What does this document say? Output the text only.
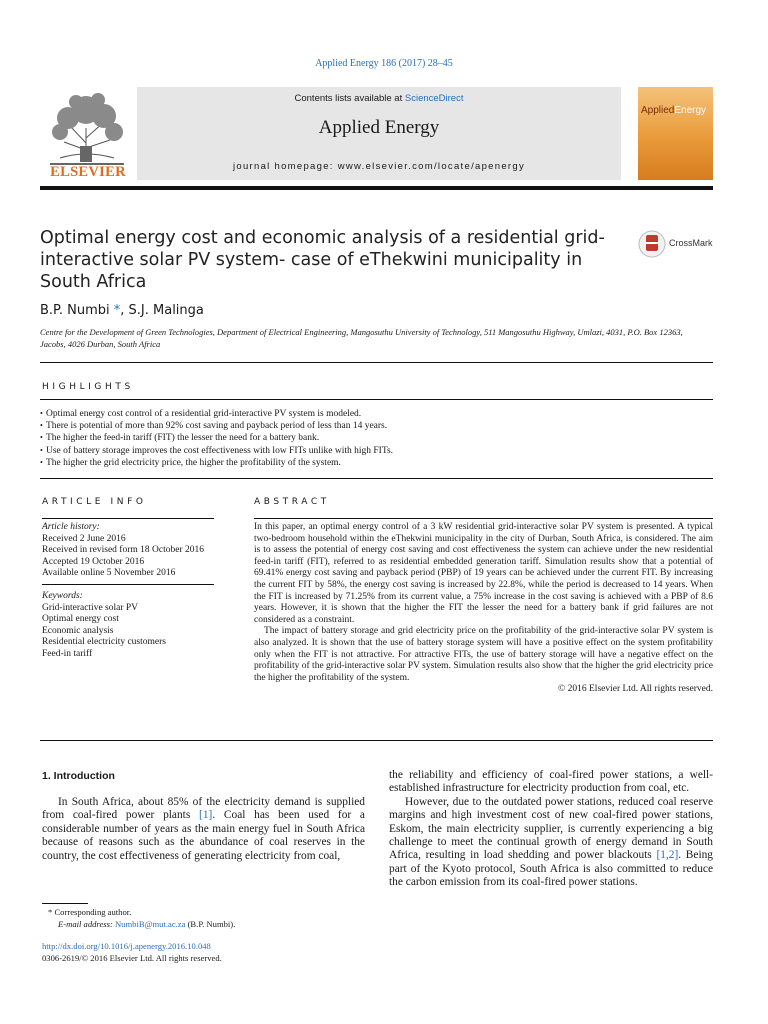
Applied Energy 186 (2017) 28–45
ELSEVIER
Contents lists available at ScienceDirect
Applied Energy
journal homepage: www.elsevier.com/locate/apenergy
AppliedEnergy
Optimal energy cost and economic analysis of a residential grid-interactive solar PV system- case of eThekwini municipality in South Africa
CrossMark
B.P. Numbi *, S.J. Malinga
Centre for the Development of Green Technologies, Department of Electrical Engineering, Mangosuthu University of Technology, 511 Mangosuthu Highway, Umlazi, 4031, P.O. Box 12363, Jacobs, 4026 Durban, South Africa
HIGHLIGHTS
• Optimal energy cost control of a residential grid-interactive PV system is modeled.
• There is potential of more than 92% cost saving and payback period of less than 14 years.
• The higher the feed-in tariff (FIT) the lesser the need for a battery bank.
• Use of battery storage improves the cost effectiveness with low FITs unlike with high FITs.
• The higher the grid electricity price, the higher the profitability of the system.
ARTICLE INFO
Article history:
Received 2 June 2016
Received in revised form 18 October 2016
Accepted 19 October 2016
Available online 5 November 2016
Keywords:
Grid-interactive solar PV
Optimal energy cost
Economic analysis
Residential electricity customers
Feed-in tariff
ABSTRACT

In this paper, an optimal energy control of a 3 kW residential grid-interactive solar PV system is presented. A typical two-bedroom household within the eThekwini municipality in the city of Durban, South Africa, is considered. The aim is to assess the potential of energy cost saving and cost effectiveness the system can achieve under the new residential feed-in tariff (FIT), referred to as residential embedded generation tariff. Simulation results show that a potential of 69.41% energy cost saving and payback period (PBP) of 19 years can be achieved under the current FIT. By increasing the current FIT by 58%, the energy cost saving is increased by 22.8%, while the period is decreased to 14 years. When the FIT is increased by 71.25% from its current value, a 75% increase in the cost saving is achieved with a PBP of 8.6 years. However, it is shown that the higher the FIT the lesser the need for a battery bank if grid failures are not considered as a constraint.

The impact of battery storage and grid electricity price on the profitability of the grid-interactive solar PV system is also analyzed. It is shown that the use of battery storage system will have a positive effect on the system profitability only when the FIT is not attractive. For attractive FITs, the use of battery storage will have a negative effect on the profitability of the grid-interactive solar PV system. Simulation results also show that the higher the grid electricity price the higher the profitability of the system.

© 2016 Elsevier Ltd. All rights reserved.
1. Introduction

In South Africa, about 85% of the electricity demand is supplied from coal-fired power plants [1]. Coal has been used for a considerable number of years as the main energy fuel in South Africa because of reasons such as the abundance of coal reserves in the country, the cost effectiveness of generating electricity from coal,

the reliability and efficiency of coal-fired power stations, a well-established infrastructure for electricity production from coal, etc.

However, due to the outdated power stations, reduced coal reserve margins and high investment cost of new coal-fired power stations, Eskom, the main electricity supplier, is currently experiencing a big challenge to meet the continual growth of energy demand in South Africa, resulting in load shedding and power blackouts [1,2]. Being part of the Kyoto protocol, South Africa is also committed to reduce the carbon emission from its coal-fired power stations.

* Corresponding author.
E-mail address: NumbiB@mut.ac.za (B.P. Numbi).
http://dx.doi.org/10.1016/j.apenergy.2016.10.048
0306-2619/© 2016 Elsevier Ltd. All rights reserved.
